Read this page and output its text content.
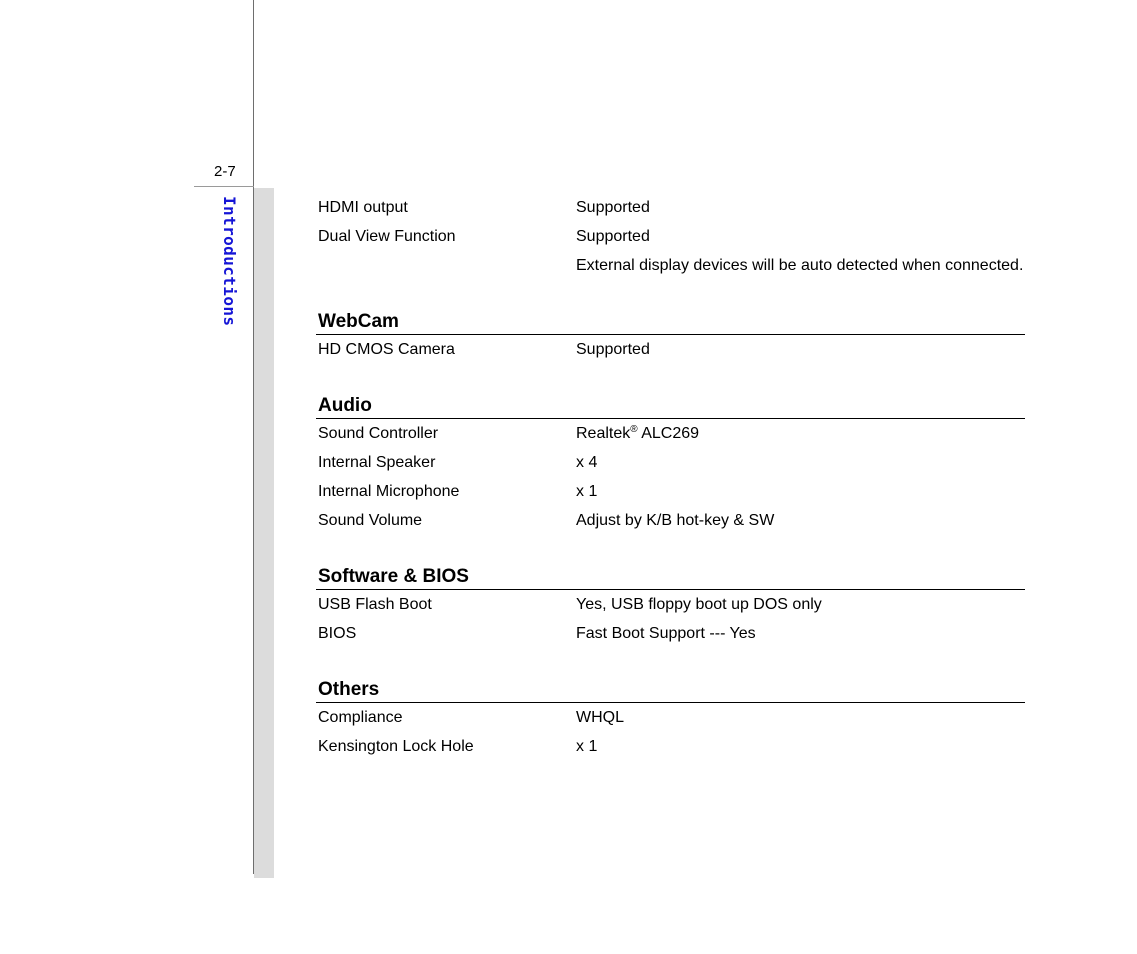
2-7
Introductions	HDMI output	Supported
Dual View Function	Supported
External display devices will be auto detected when connected.
WebCam
HD CMOS Camera	Supported
Audio
Sound Controller	Realtek® ALC269
Internal Speaker	x 4
Internal Microphone	x 1
Sound Volume	Adjust by K/B hot-key & SW
Software & BIOS
USB Flash Boot	Yes, USB floppy boot up DOS only
BIOS	Fast Boot Support --- Yes
Others
Compliance	WHQL
Kensington Lock Hole	x 1
